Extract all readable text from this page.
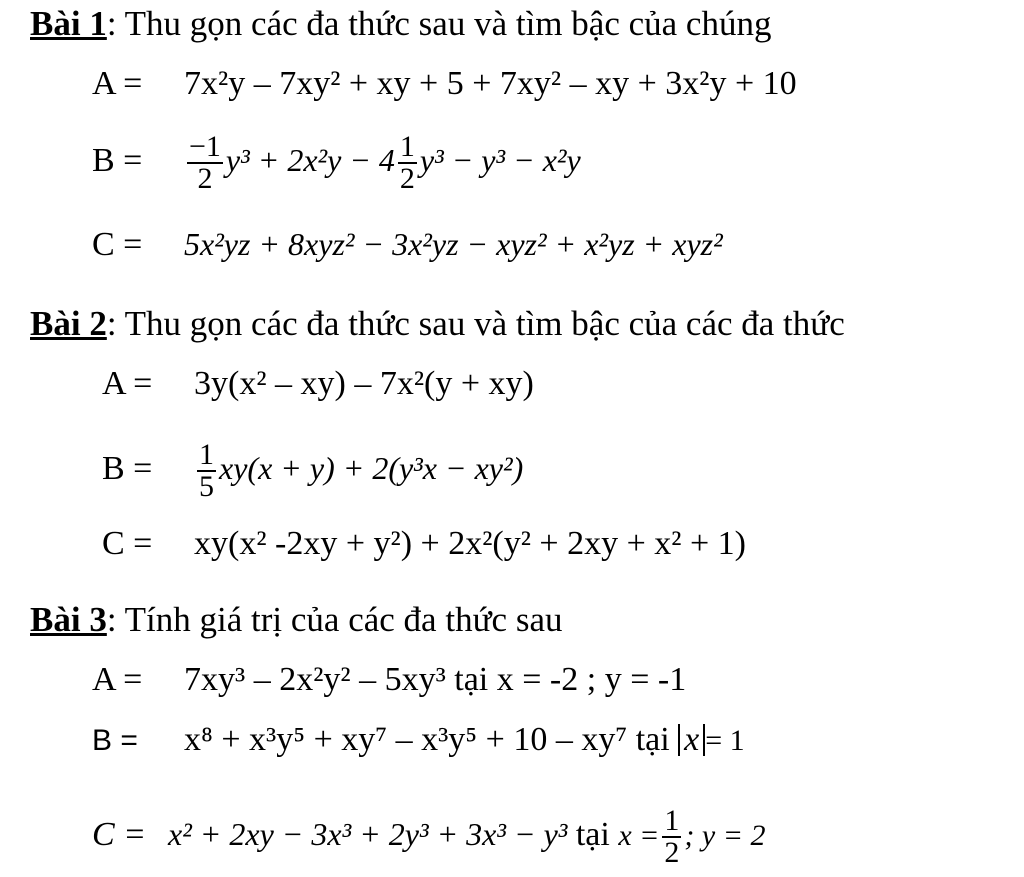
Bài 1: Thu gọn các đa thức sau và tìm bậc của chúng
A = 7x²y – 7xy² + xy + 5 + 7xy² – xy + 3x²y + 10
$B = \frac{-1}{2} y^3 + 2x^2y - 4 \frac{1}{2} y^3 - y^3 - x^2y$
C = 5x²yz + 8xyz² − 3x²yz − xyz² + x²yz + xyz²
Bài 2: Thu gọn các đa thức sau và tìm bậc của các đa thức
A = 3y(x² – xy) – 7x²(y + xy)
$B = \frac{1}{5} xy(x + y) + 2(y^3x - xy^2)$
C = xy(x² -2xy + y²) + 2x²(y² + 2xy + x² + 1)
Bài 3: Tính giá trị của các đa thức sau
A = 7xy³ – 2x²y² – 5xy³ tại x = -2 ; y = -1
B = x⁸ + x³y⁵ + xy⁷ – x³y⁵ + 10 – xy⁷ tại x = 1
C = x² + 2xy − 3x³ + 2y³ + 3x³ − y³ tại $x = \frac{1}{2}$ ; y = 2
